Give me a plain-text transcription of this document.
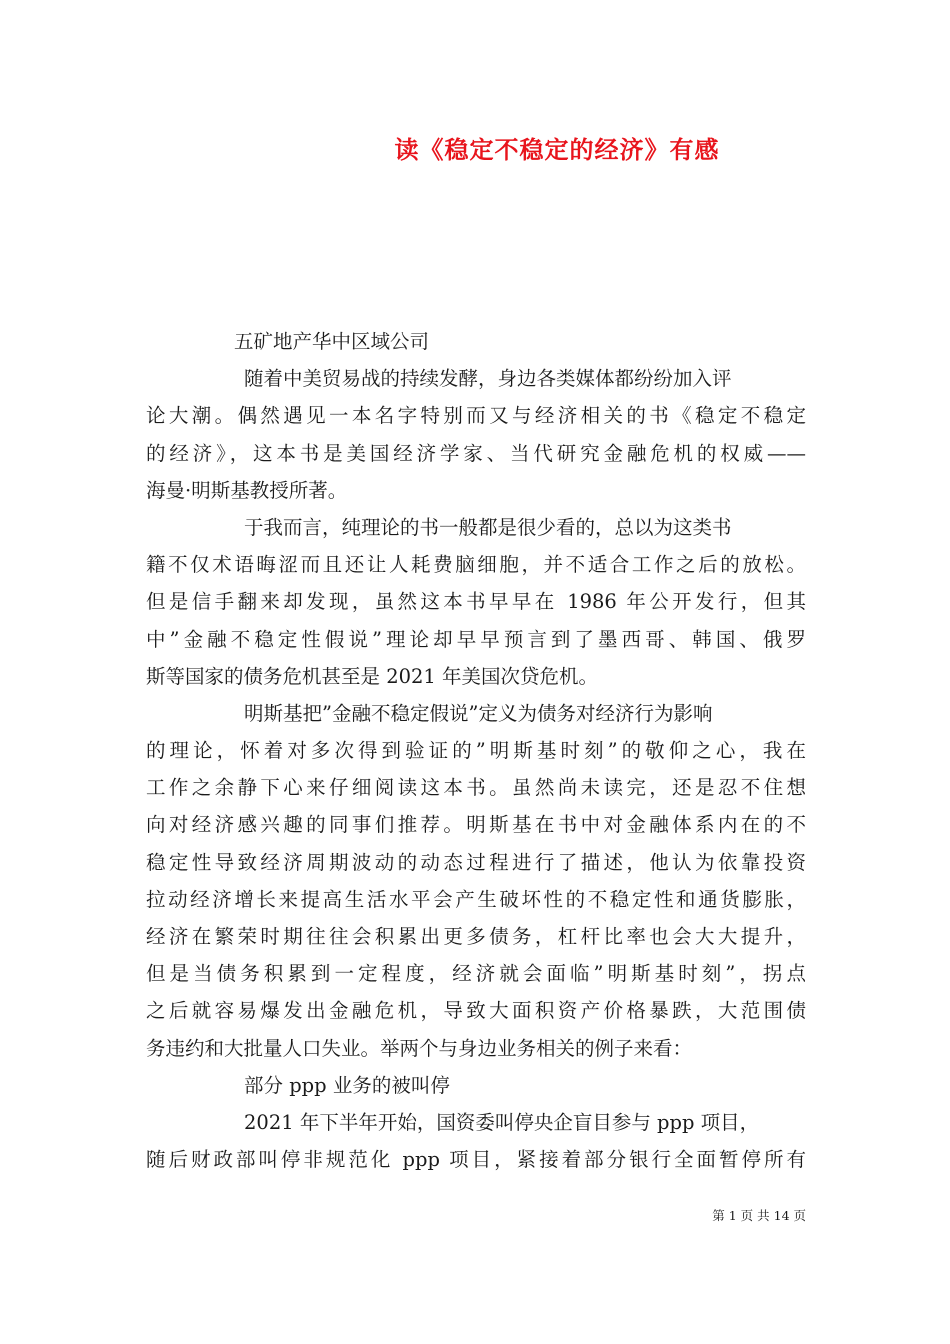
读《稳定不稳定的经济》有感
五矿地产华中区域公司
随着中美贸易战的持续发酵，身边各类媒体都纷纷加入评
论大潮。偶然遇见一本名字特别而又与经济相关的书《稳定不稳定
的经济》，这本书是美国经济学家、当代研究金融危机的权威——
海曼·明斯基教授所著。
于我而言，纯理论的书一般都是很少看的，总以为这类书
籍不仅术语晦涩而且还让人耗费脑细胞，并不适合工作之后的放松。
但是信手翻来却发现，虽然这本书早早在 1986 年公开发行，但其
中”金融不稳定性假说”理论却早早预言到了墨西哥、韩国、俄罗
斯等国家的债务危机甚至是 2021 年美国次贷危机。
明斯基把”金融不稳定假说”定义为债务对经济行为影响
的理论，怀着对多次得到验证的”明斯基时刻”的敬仰之心，我在
工作之余静下心来仔细阅读这本书。虽然尚未读完，还是忍不住想
向对经济感兴趣的同事们推荐。明斯基在书中对金融体系内在的不
稳定性导致经济周期波动的动态过程进行了描述，他认为依靠投资
拉动经济增长来提高生活水平会产生破坏性的不稳定性和通货膨胀，
经济在繁荣时期往往会积累出更多债务，杠杆比率也会大大提升，
但是当债务积累到一定程度，经济就会面临”明斯基时刻”，拐点
之后就容易爆发出金融危机，导致大面积资产价格暴跌，大范围债
务违约和大批量人口失业。举两个与身边业务相关的例子来看：
部分 ppp 业务的被叫停
2021 年下半年开始，国资委叫停央企盲目参与 ppp 项目，
随后财政部叫停非规范化 ppp 项目，紧接着部分银行全面暂停所有
第 1 页 共 14 页
